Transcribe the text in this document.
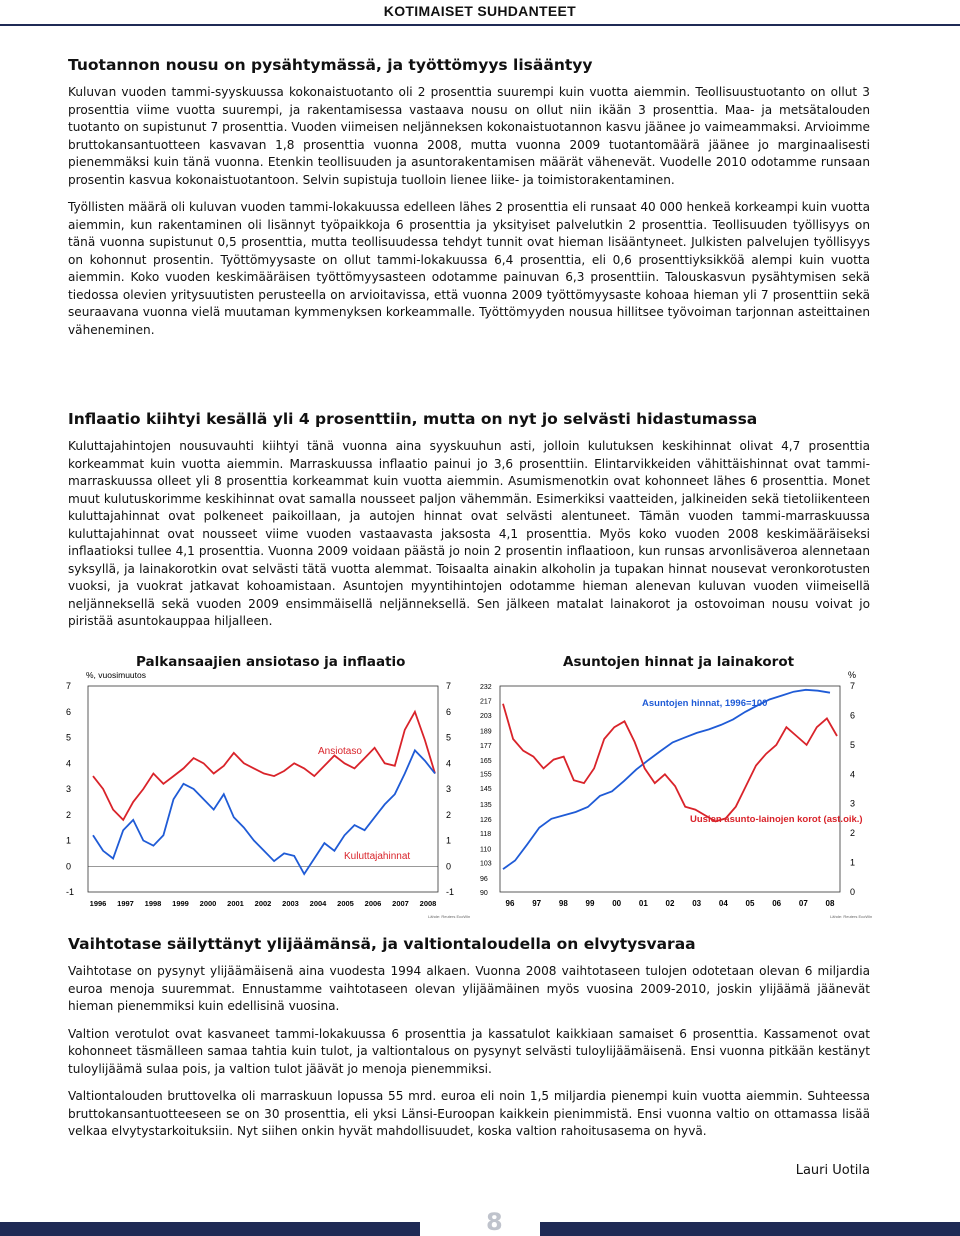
KOTIMAISET SUHDANTEET
Tuotannon nousu on pysähtymässä, ja työttömyys lisääntyy

Kuluvan vuoden tammi-syyskuussa kokonaistuotanto oli 2 prosenttia suurempi kuin vuotta aiemmin. Teollisuustuotanto on ollut 3 prosenttia viime vuotta suurempi, ja rakentamisessa vastaava nousu on ollut niin ikään 3 prosenttia. Maa- ja metsätalouden tuotanto on supistunut 7 prosenttia. Vuoden viimeisen neljänneksen kokonaistuotannon kasvu jäänee jo vaimeammaksi. Arvioimme bruttokansantuotteen kasvavan 1,8 prosenttia vuonna 2008, mutta vuonna 2009 tuotantomäärä jäänee jo marginaalisesti pienemmäksi kuin tänä vuonna. Etenkin teollisuuden ja asuntorakentamisen määrät vähenevät. Vuodelle 2010 odotamme runsaan prosentin kasvua kokonaistuotantoon. Selvin supistuja tuolloin lienee liike- ja toimistorakentaminen.

Työllisten määrä oli kuluvan vuoden tammi-lokakuussa edelleen lähes 2 prosenttia eli runsaat 40 000 henkeä korkeampi kuin vuotta aiemmin, kun rakentaminen oli lisännyt työpaikkoja 6 prosenttia ja yksityiset palvelutkin 2 prosenttia. Teollisuuden työllisyys on tänä vuonna supistunut 0,5 prosenttia, mutta teollisuudessa tehdyt tunnit ovat hieman lisääntyneet. Julkisten palvelujen työllisyys on kohonnut prosentin. Työttömyysaste on ollut tammi-lokakuussa 6,4 prosenttia, eli 0,6 prosenttiyksikköä alempi kuin vuotta aiemmin. Koko vuoden keskimääräisen työttömyysasteen odotamme painuvan 6,3 prosenttiin. Talouskasvun pysähtymisen sekä tiedossa olevien yritysuutisten perusteella on arvioitavissa, että vuonna 2009 työttömyysaste kohoaa hieman yli 7 prosenttiin sekä seuraavana vuonna vielä muutaman kymmenyksen korkeammalle. Työttömyyden nousua hillitsee työvoiman tarjonnan asteittainen väheneminen.

Inflaatio kiihtyi kesällä yli 4 prosenttiin, mutta on nyt jo selvästi hidastumassa

Kuluttajahintojen nousuvauhti kiihtyi tänä vuonna aina syyskuuhun asti, jolloin kulutuksen keskihinnat olivat 4,7 prosenttia korkeammat kuin vuotta aiemmin. Marraskuussa inflaatio painui jo 3,6 prosenttiin. Elintarvikkeiden vähittäishinnat ovat tammi-marraskuussa olleet yli 8 prosenttia korkeammat kuin vuotta aiemmin. Asumismenotkin ovat kohonneet lähes 6 prosenttia. Monet muut kulutuskorimme keskihinnat ovat samalla nousseet paljon vähemmän. Esimerkiksi vaatteiden, jalkineiden sekä tietoliikenteen kuluttajahinnat ovat polkeneet paikoillaan, ja autojen hinnat ovat selvästi alentuneet. Tämän vuoden tammi-marraskuussa kuluttajahinnat ovat nousseet viime vuoden vastaavasta jaksosta 4,1 prosenttia. Myös koko vuoden 2008 keskimääräiseksi inflaatioksi tullee 4,1 prosenttia. Vuonna 2009 voidaan päästä jo noin 2 prosentin inflaatioon, kun runsas arvonlisäveroa alennetaan syksyllä, ja lainakorotkin ovat selvästi tätä vuotta alemmat. Toisaalta ainakin alkoholin ja tupakan hinnat nousevat veronkorotusten vuoksi, ja vuokrat jatkavat kohoamistaan. Asuntojen myyntihintojen odotamme hieman alenevan kuluvan vuoden viimeisellä neljänneksellä sekä vuoden 2009 ensimmäisellä neljänneksellä. Sen jälkeen matalat lainakorot ja ostovoiman nousu voivat jo piristää asuntokauppaa hiljalleen.

Palkansaajien ansiotaso ja inflaatio
%, vuosimuutos
7	7
6	6
5	5
4	4
3	3
2	2
1	1
0	0
-1	-1
1996 1997 1998 1999 2000 2001 2002 2003 2004 2005 2006 2007 2008
Ansiotaso
Kuluttajahinnat
Lähde: Reuters EcoWin
Asuntojen hinnat ja lainakorot
%
232
217
203
189
177
165
155
145
135
126
118
110
103
96
90
7
6
5
4
3
2
1
0
96 97 98 99 00 01 02 03 04 05 06 07 08
Asuntojen hinnat, 1996=100
Uusien asunto-lainojen korot (ast.oik.)
Lähde: Reuters EcoWin
Vaihtotase säilyttänyt ylijäämänsä, ja valtiontaloudella on elvytysvaraa

Vaihtotase on pysynyt ylijäämäisenä aina vuodesta 1994 alkaen. Vuonna 2008 vaihtotaseen tulojen odotetaan olevan 6 miljardia euroa menoja suuremmat. Ennustamme vaihtotaseen olevan ylijäämäinen myös vuosina 2009-2010, joskin ylijäämä jäänevät hieman pienemmiksi kuin edellisinä vuosina.

Valtion verotulot ovat kasvaneet tammi-lokakuussa 6 prosenttia ja kassatulot kaikkiaan samaiset 6 prosenttia. Kassamenot ovat kohonneet täsmälleen samaa tahtia kuin tulot, ja valtiontalous on pysynyt selvästi tuloylijäämäisenä. Ensi vuonna pitkään kestänyt tuloylijäämä sulaa pois, ja valtion tulot jäävät jo menoja pienemmiksi.

Valtiontalouden bruttovelka oli marraskuun lopussa 55 mrd. euroa eli noin 1,5 miljardia pienempi kuin vuotta aiemmin. Suhteessa bruttokansantuotteeseen se on 30 prosenttia, eli yksi Länsi-Euroopan kaikkein pienimmistä. Ensi vuonna valtio on ottamassa lisää velkaa elvytystarkoituksiin. Nyt siihen onkin hyvät mahdollisuudet, koska valtion rahoitusasema on hyvä.

Lauri Uotila
8
